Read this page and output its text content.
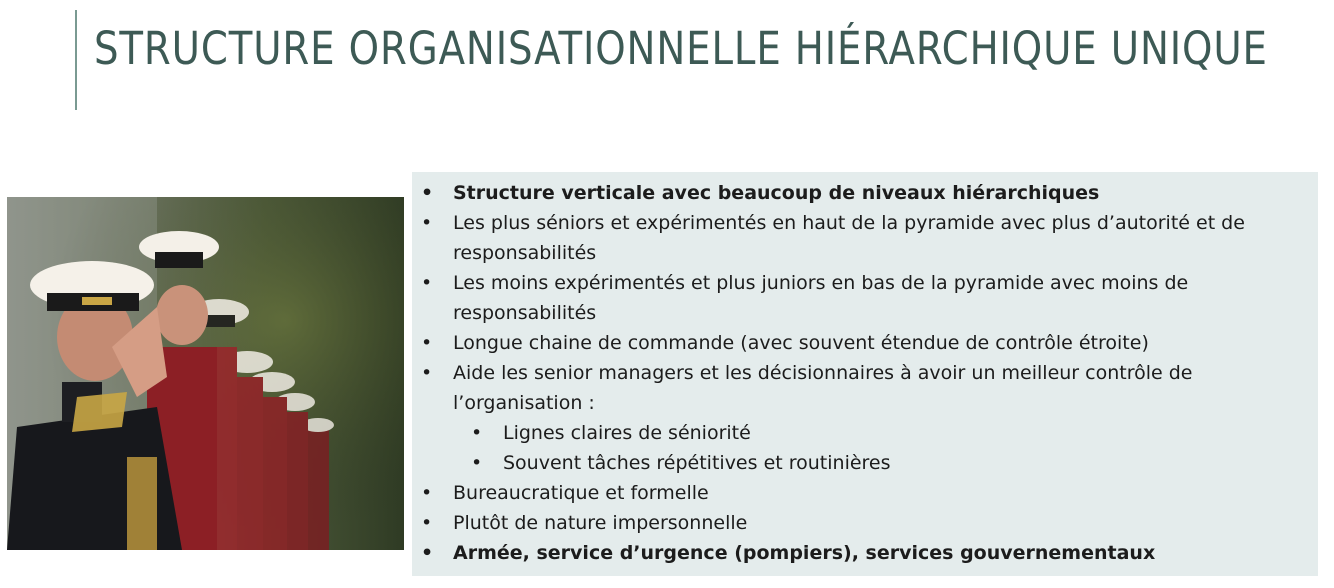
STRUCTURE ORGANISATIONNELLE HIÉRARCHIQUE UNIQUE
• Structure verticale avec beaucoup de niveaux hiérarchiques
• Les plus séniors et expérimentés en haut de la pyramide avec plus d’autorité et de responsabilités
• Les moins expérimentés et plus juniors en bas de la pyramide avec moins de responsabilités
• Longue chaine de commande (avec souvent étendue de contrôle étroite)
• Aide les senior managers et les décisionnaires à avoir un meilleur contrôle de l’organisation :
• Lignes claires de séniorité
• Souvent tâches répétitives et routinières
• Bureaucratique et formelle
• Plutôt de nature impersonnelle
• Armée, service d’urgence (pompiers), services gouvernementaux
